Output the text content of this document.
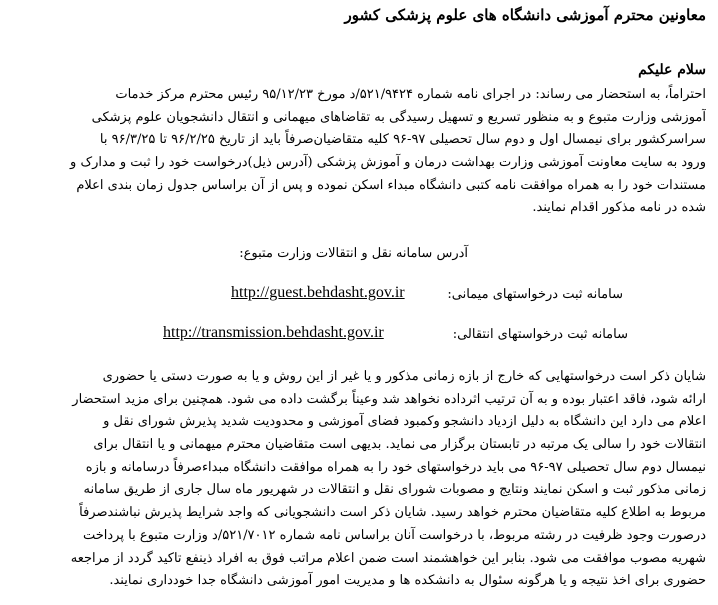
معاونین محترم آموزشی دانشگاه های علوم پزشکی کشور
سلام علیکم
احتراماً، به استحضار می رساند: در اجرای نامه شماره ۵۲۱/۹۴۲۴/د مورخ ۹۵/۱۲/۲۳ رئیس محترم مرکز خدمات
آموزشی وزارت متبوع و به منظور تسریع و تسهیل رسیدگی به تقاضاهای میهمانی و انتقال دانشجویان علوم پزشکی
سراسرکشور برای نیمسال اول و دوم سال تحصیلی ۹۷-۹۶ کلیه متقاضیان‌صرفاً باید از تاریخ ۹۶/۲/۲۵ تا ۹۶/۳/۲۵ با
ورود به سایت معاونت آموزشی وزارت بهداشت درمان و آموزش پزشکی (آدرس ذیل)درخواست خود را ثبت و مدارک و
مستندات خود را به همراه موافقت نامه کتبی دانشگاه مبداء اسکن نموده و پس از آن براساس جدول زمان بندی اعلام
شده در نامه مذکور اقدام نمایند.
آدرس سامانه نقل و انتقالات وزارت متبوع:
سامانه ثبت درخواستهای میمانی:
http://guest.behdasht.gov.ir
سامانه ثبت درخواستهای انتقالی:
http://transmission.behdasht.gov.ir
شایان ذکر است درخواستهایی که خارج از بازه زمانی مذکور و یا غیر از این روش و یا به صورت دستی یا حضوری
ارائه شود، فاقد اعتبار بوده و به آن ترتیب اثرداده نخواهد شد وعیناً برگشت داده می شود. همچنین برای مزید استحضار
اعلام می دارد این دانشگاه به دلیل ازدیاد دانشجو وکمبود فضای آموزشی و محدودیت شدید پذیرش شورای نقل و
انتقالات خود را سالی یک مرتبه در تابستان برگزار می نماید. بدیهی است متقاضیان محترم میهمانی و یا انتقال برای
نیمسال دوم سال تحصیلی ۹۷-۹۶ می باید درخواستهای خود را به همراه موافقت دانشگاه مبداءصرفاً درسامانه و بازه
زمانی مذکور ثبت و اسکن نمایند ونتایج و مصوبات شورای نقل و انتقالات در شهریور ماه سال جاری از طریق سامانه
مربوط به اطلاع کلیه متقاضیان محترم خواهد رسید. شایان ذکر است دانشجویانی که واجد شرایط پذیرش نباشندصرفاً
درصورت وجود ظرفیت در رشته مربوط، با درخواست آنان براساس نامه شماره ۵۲۱/۷۰۱۲/د وزارت متبوع با پرداخت
شهریه مصوب موافقت می شود. بنابر این خواهشمند است ضمن اعلام مراتب فوق به افراد ذینفع تاکید گردد از مراجعه
حضوری برای اخذ نتیجه و یا هرگونه سئوال به دانشکده ها و مدیریت امور آموزشی دانشگاه جدا خودداری نمایند.
